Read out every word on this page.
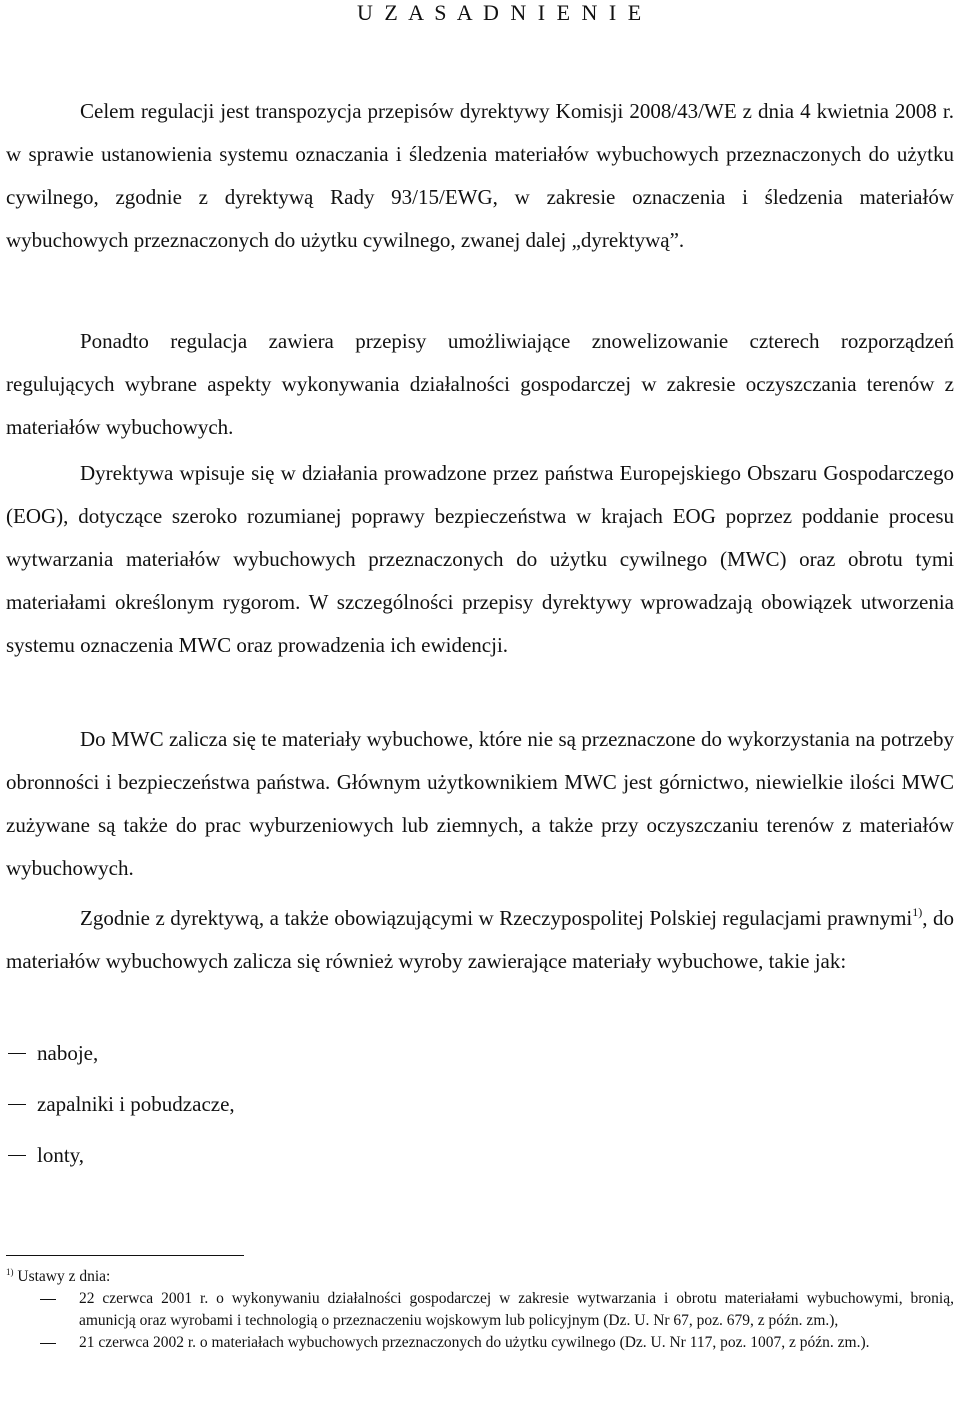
U Z A S A D N I E N I E

Celem regulacji jest transpozycja przepisów dyrektywy Komisji 2008/43/WE z dnia 4 kwietnia 2008 r. w sprawie ustanowienia systemu oznaczania i śledzenia materiałów wybuchowych przeznaczonych do użytku cywilnego, zgodnie z dyrektywą Rady 93/15/EWG, w zakresie oznaczenia i śledzenia materiałów wybuchowych przeznaczonych do użytku cywilnego, zwanej dalej „dyrektywą”.

Ponadto regulacja zawiera przepisy umożliwiające znowelizowanie czterech rozporządzeń regulujących wybrane aspekty wykonywania działalności gospodarczej w zakresie oczyszczania terenów z materiałów wybuchowych.

Dyrektywa wpisuje się w działania prowadzone przez państwa Europejskiego Obszaru Gospodarczego (EOG), dotyczące szeroko rozumianej poprawy bezpieczeństwa w krajach EOG poprzez poddanie procesu wytwarzania materiałów wybuchowych przeznaczonych do użytku cywilnego (MWC) oraz obrotu tymi materiałami określonym rygorom. W szczególności przepisy dyrektywy wprowadzają obowiązek utworzenia systemu oznaczenia MWC oraz prowadzenia ich ewidencji.

Do MWC zalicza się te materiały wybuchowe, które nie są przeznaczone do wykorzystania na potrzeby obronności i bezpieczeństwa państwa. Głównym użytkownikiem MWC jest górnictwo, niewielkie ilości MWC zużywane są także do prac wyburzeniowych lub ziemnych, a także przy oczyszczaniu terenów z materiałów wybuchowych.

Zgodnie z dyrektywą, a także obowiązującymi w Rzeczypospolitej Polskiej regulacjami prawnymi$^{1)}$, do materiałów wybuchowych zalicza się również wyroby zawierające materiały wybuchowe, takie jak:

naboje,
zapalniki i pobudzacze,
lonty,
$^{1)}$ Ustawy z dnia:
22 czerwca 2001 r. o wykonywaniu działalności gospodarczej w zakresie wytwarzania i obrotu materiałami wybuchowymi, bronią, amunicją oraz wyrobami i technologią o przeznaczeniu wojskowym lub policyjnym (Dz. U. Nr 67, poz. 679, z późn. zm.),
21 czerwca 2002 r. o materiałach wybuchowych przeznaczonych do użytku cywilnego (Dz. U. Nr 117, poz. 1007, z późn. zm.).
